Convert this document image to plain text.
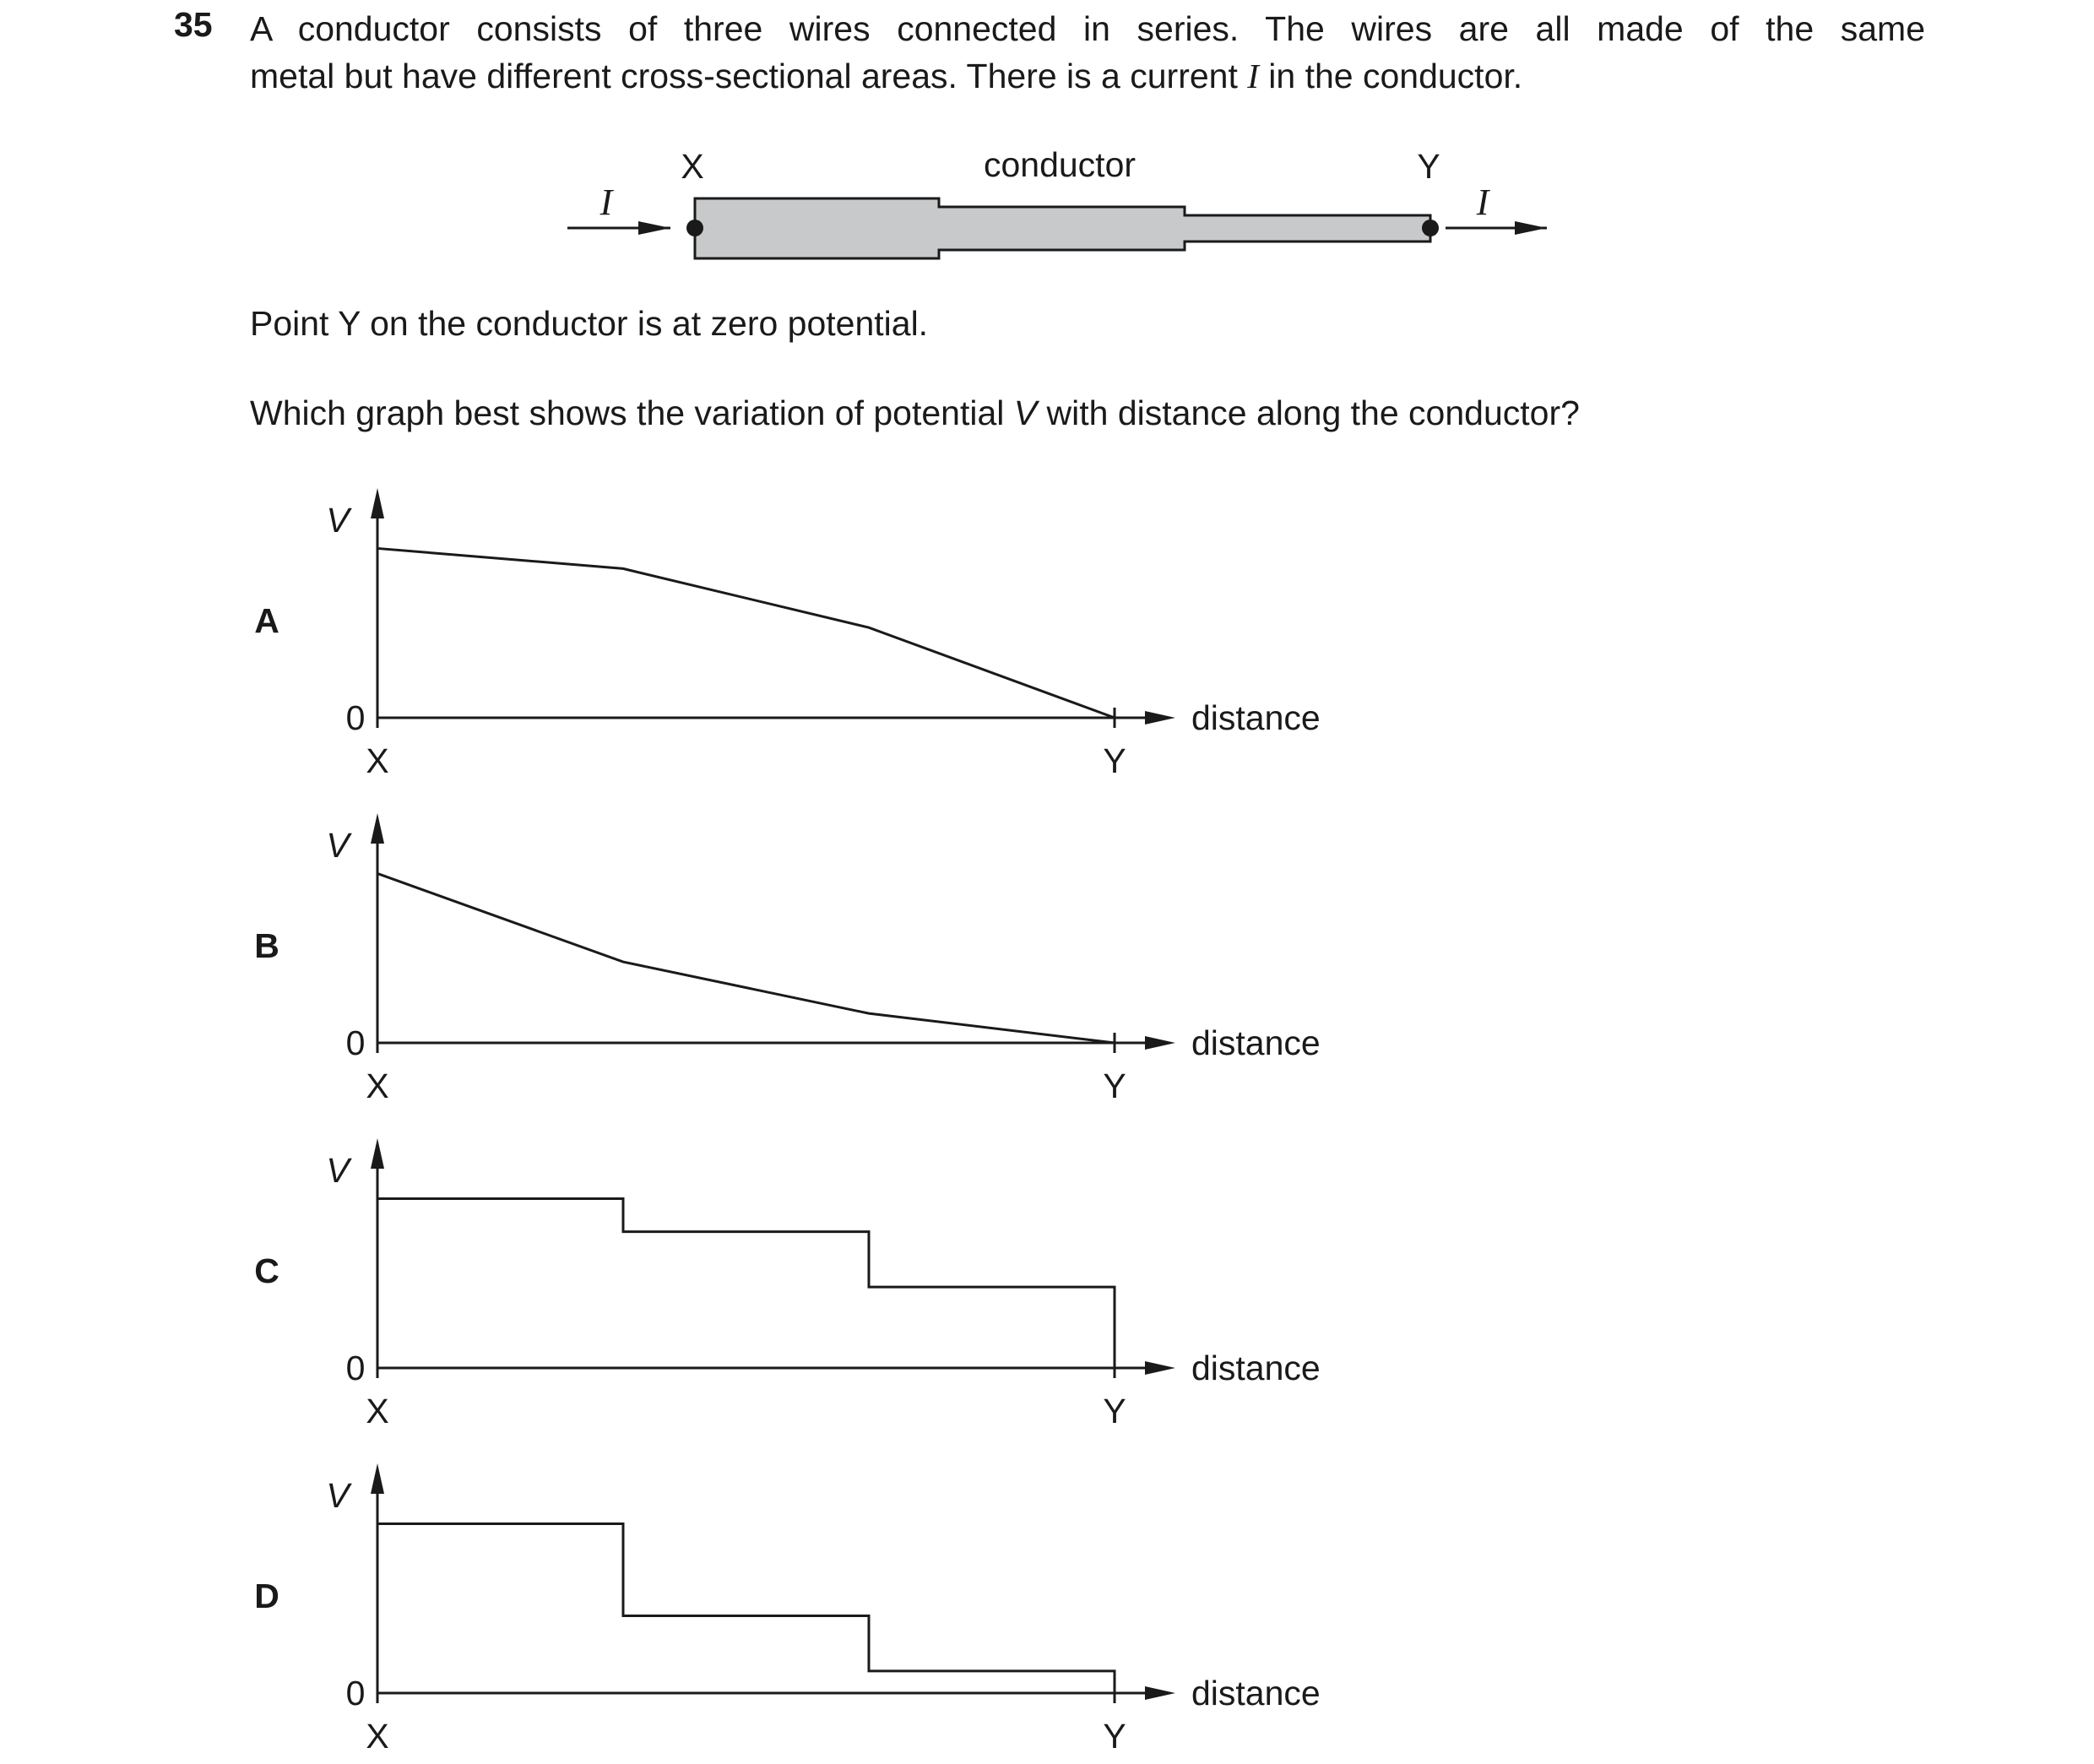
35 A conductor consists of three wires connected in series. The wires are all made of the same
metal but have different cross-sectional areas. There is a current I in the conductor.
Point Y on the conductor is at zero potential.
Which graph best shows the variation of potential V with distance along the conductor?
X	conductor	Y
I	I
A
V
0	distance
X	Y
B
V
0	distance
X	Y
C
V
0	distance
X	Y
D
V
0	distance
X	Y
